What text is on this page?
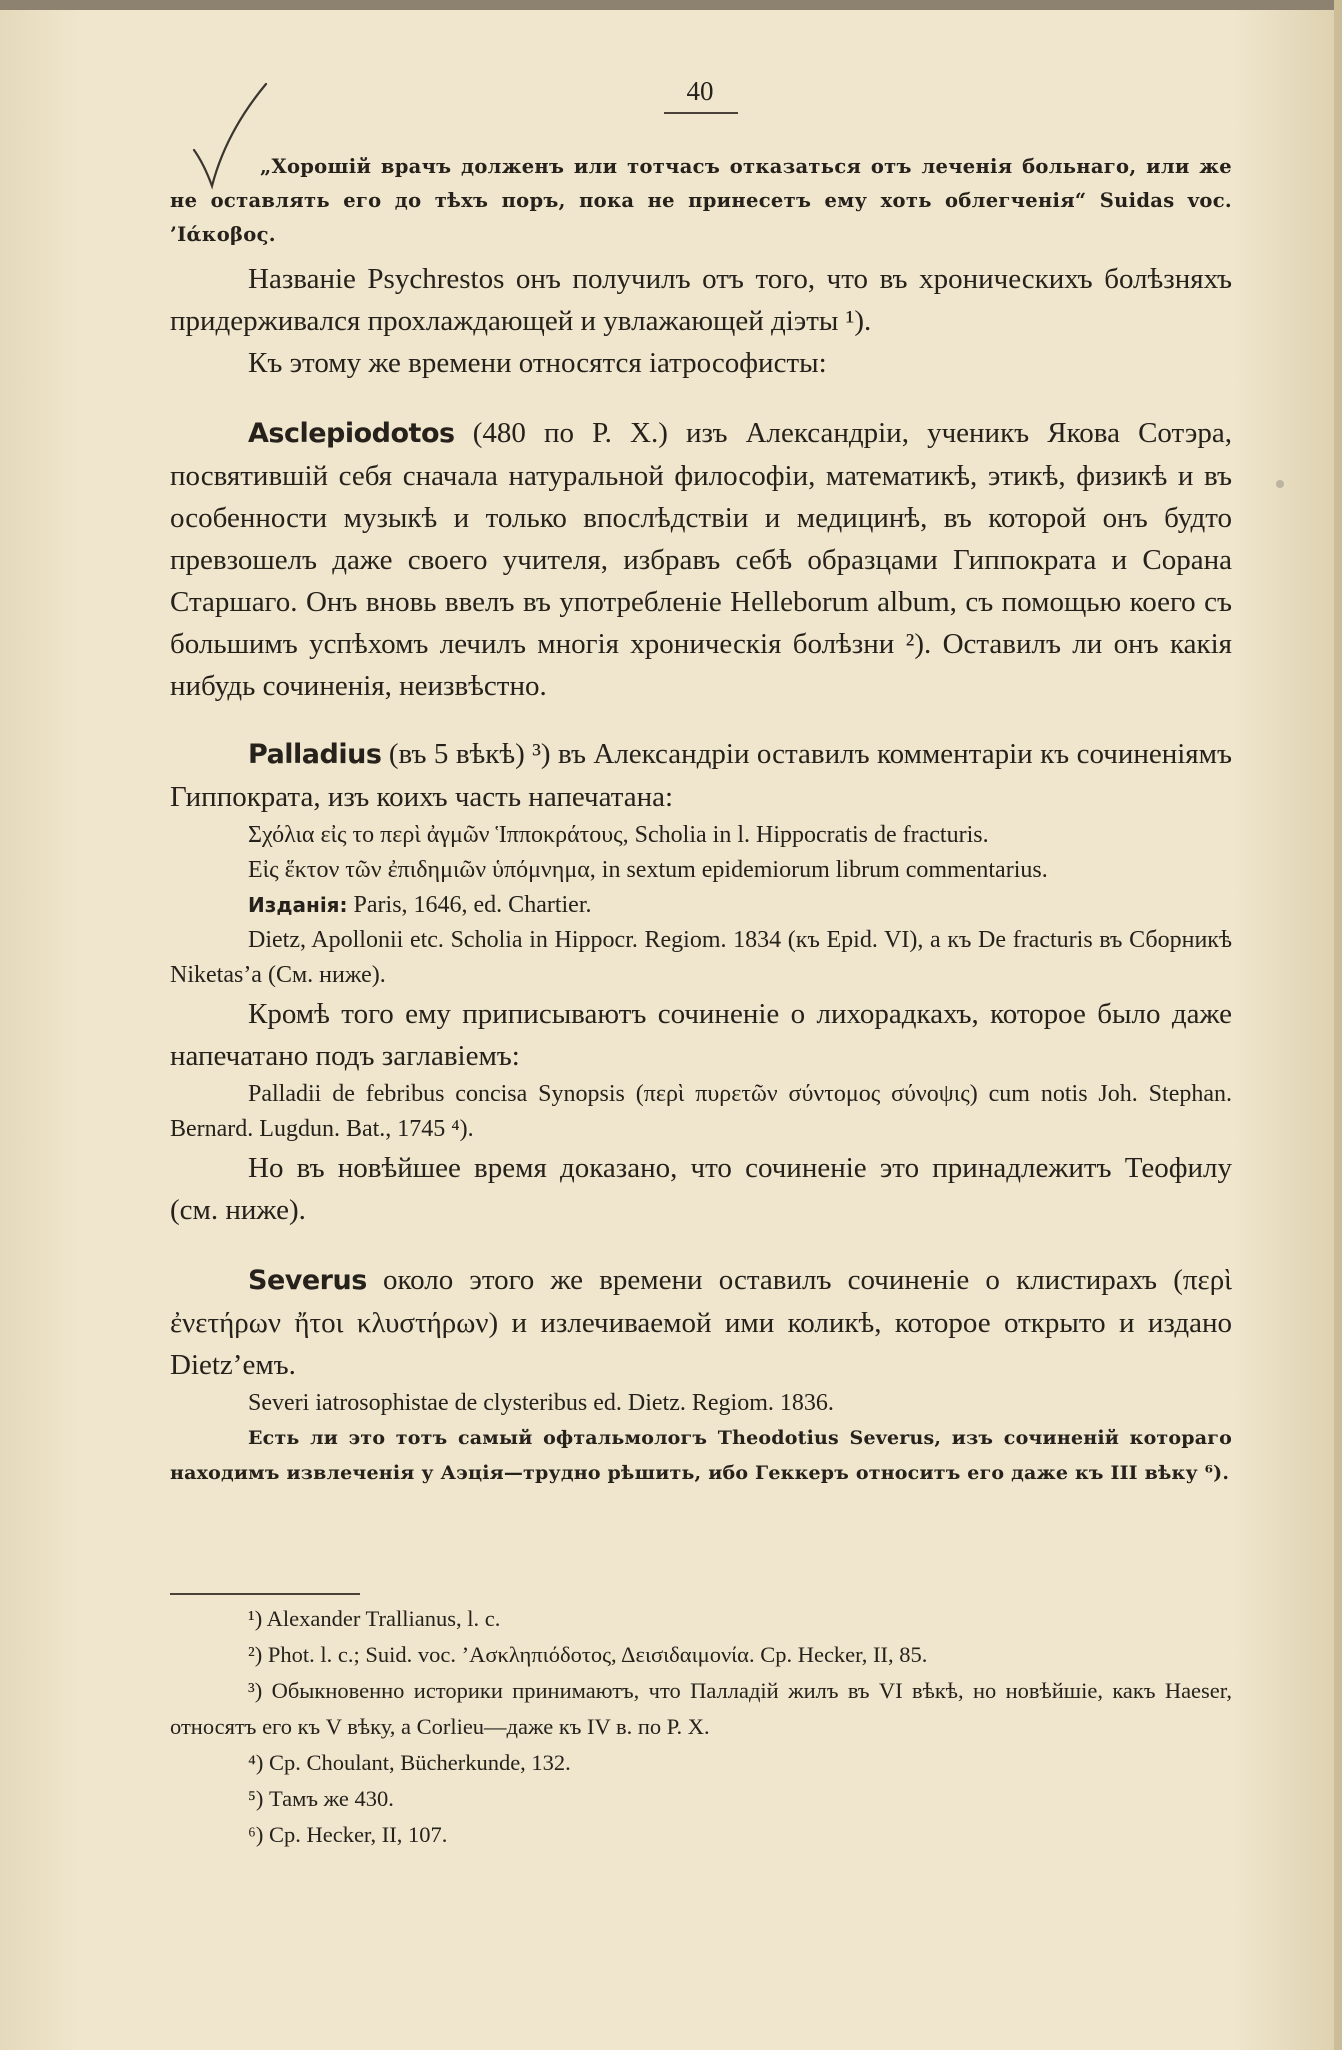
40

„Хорошій врачъ долженъ или тотчасъ отказаться отъ леченія больнаго, или же не оставлять его до тѣхъ поръ, пока не принесетъ ему хоть облегченія“ Suidas voc. ’Ιάκοβος.

Названіе Psychrestos онъ получилъ отъ того, что въ хроническихъ болѣзняхъ придерживался прохлаждающей и увлажающей діэты ¹).

Къ этому же времени относятся іатрософисты:

Asclepiodotos (480 по Р. Х.) изъ Александріи, ученикъ Якова Сотэра, посвятившій себя сначала натуральной философіи, математикѣ, этикѣ, физикѣ и въ особенности музыкѣ и только впослѣдствіи и медицинѣ, въ которой онъ будто превзошелъ даже своего учителя, избравъ себѣ образцами Гиппократа и Сорана Старшаго. Онъ вновь ввелъ въ употребленіе Helleborum album, съ помощью коего съ большимъ успѣхомъ лечилъ многія хроническія болѣзни ²). Оставилъ ли онъ какія нибудь сочиненія, неизвѣстно.

Palladius (въ 5 вѣкѣ) ³) въ Александріи оставилъ комментаріи къ сочиненіямъ Гиппократа, изъ коихъ часть напечатана:

Σχόλια εἰς το περὶ ἀγμῶν Ἱπποκράτους, Scholia in l. Hippocratis de fracturis.

Εἰς ἕκτον τῶν ἐπιδημιῶν ὑπόμνημα, in sextum epidemiorum librum commentarius.

Изданія: Paris, 1646, ed. Chartier.

Dietz, Apollonii etc. Scholia in Hippocr. Regiom. 1834 (къ Epid. VI), а къ De fracturis въ Сборникѣ Niketas’a (См. ниже).

Кромѣ того ему приписываютъ сочиненіе о лихорадкахъ, которое было даже напечатано подъ заглавіемъ:

Palladii de febribus concisa Synopsis (περὶ πυρετῶν σύντομος σύνοψις) cum notis Joh. Stephan. Bernard. Lugdun. Bat., 1745 ⁴).

Но въ новѣйшее время доказано, что сочиненіе это принадлежитъ Теофилу (см. ниже).

Severus около этого же времени оставилъ сочиненіе о клистирахъ (περὶ ἐνετήρων ἤτοι κλυστήρων) и излечиваемой ими коликѣ, которое открыто и издано Dietz’емъ.

Severi iatrosophistae de clysteribus ed. Dietz. Regiom. 1836.

Есть ли это тотъ самый офтальмологъ Theodotius Severus, изъ сочиненій котораго находимъ извлеченія у Аэція—трудно рѣшить, ибо Геккеръ относитъ его даже къ III вѣку ⁶).

¹) Alexander Trallianus, l. c.

²) Phot. l. c.; Suid. voc. ’Ασκληπιόδοτος, Δεισιδαιμονία. Ср. Hecker, II, 85.

³) Обыкновенно историки принимаютъ, что Палладій жилъ въ VI вѣкѣ, но новѣйшіе, какъ Haeser, относятъ его къ V вѣку, а Corlieu—даже къ IV в. по Р. Х.

⁴) Ср. Choulant, Bücherkunde, 132.

⁵) Тамъ же 430.

⁶) Ср. Hecker, II, 107.
